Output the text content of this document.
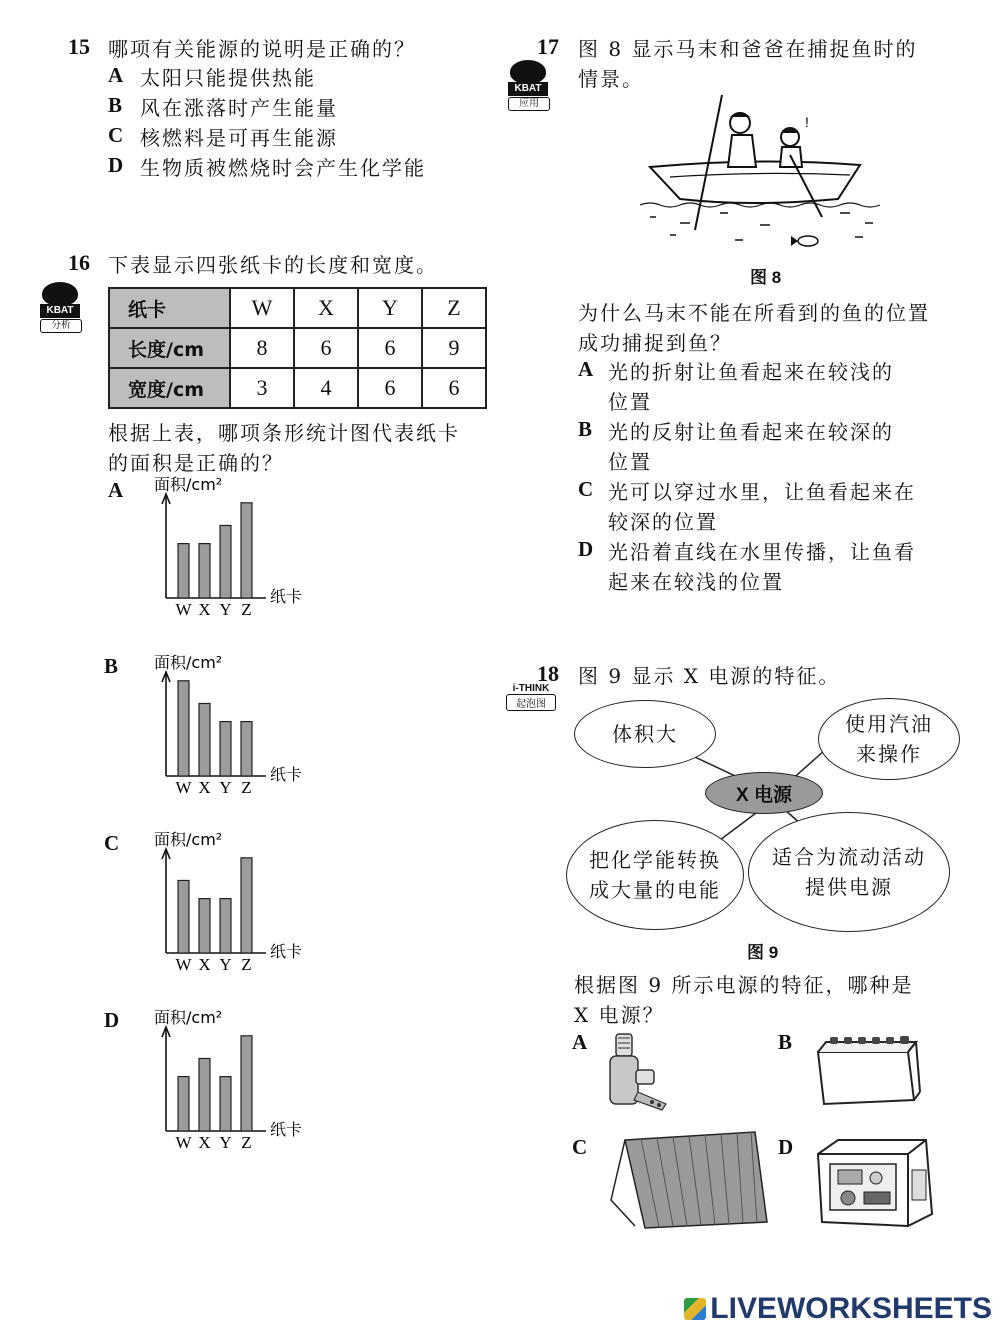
15 哪项有关能源的说明是正确的？
A 太阳只能提供热能
B 风在涨落时产生能量
C 核燃料是可再生能源
D 生物质被燃烧时会产生化学能
16 下表显示四张纸卡的长度和宽度。
KBAT
分析
纸卡	W	X	Y	Z
长度/cm	8	6	6	9
宽度/cm	3	4	6	6
根据上表，哪项条形统计图代表纸卡
的面积是正确的？
A
B
C
D
面积/cm²
W X Y Z
纸卡
面积/cm²
W X Y Z
纸卡
面积/cm²
W X Y Z
纸卡
面积/cm²
W X Y Z
纸卡
17 图 8 显示马末和爸爸在捕捉鱼时的
情景。
KBAT
应用
!
图 8
为什么马末不能在所看到的鱼的位置
成功捕捉到鱼？
A 光的折射让鱼看起来在较浅的
位置
B 光的反射让鱼看起来在较深的
位置
C 光可以穿过水里，让鱼看起来在
较深的位置
D 光沿着直线在水里传播，让鱼看
起来在较浅的位置
18 图 9 显示 X 电源的特征。
i-THINK
起泡图
体积大	使用汽油
来操作
X 电源
把化学能转换
成大量的电能
适合为流动活动
提供电源
图 9
根据图 9 所示电源的特征，哪种是
X 电源？
A	B
C	D
LIVEWORKSHEETS
